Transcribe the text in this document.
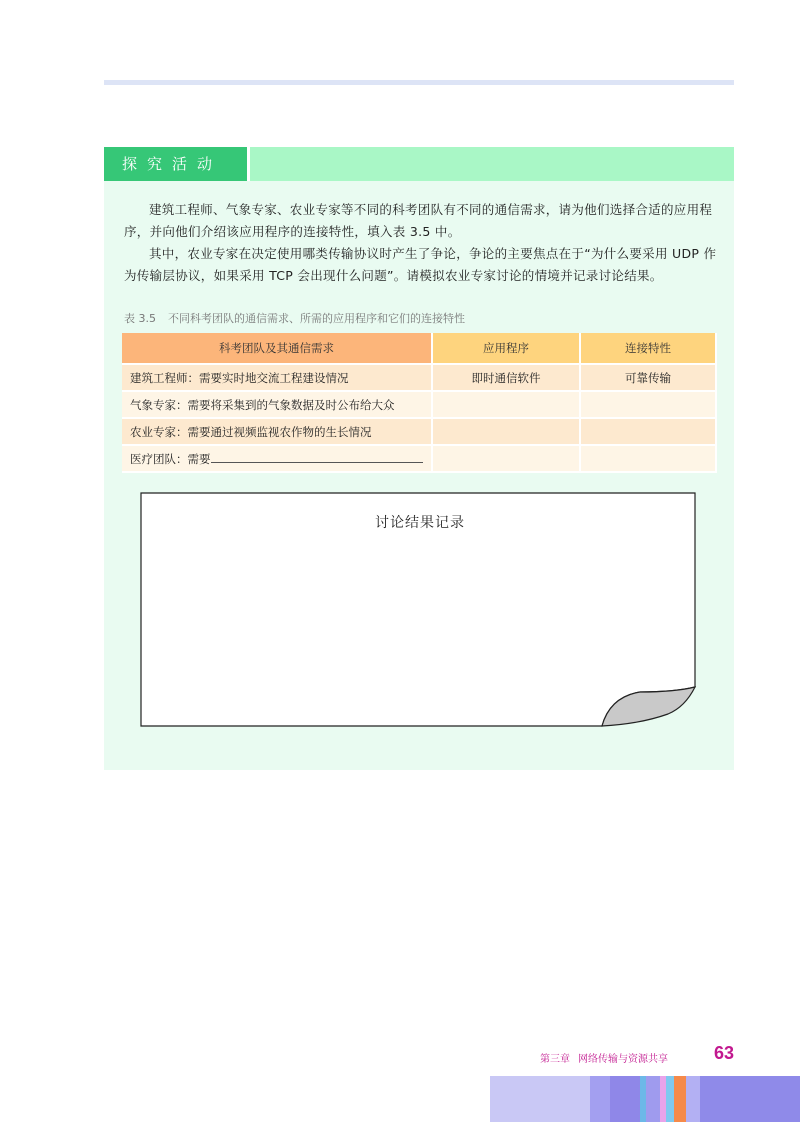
探究活动

建筑工程师、气象专家、农业专家等不同的科考团队有不同的通信需求，请为他们选择合适的应用程序，并向他们介绍该应用程序的连接特性，填入表 3.5 中。

其中，农业专家在决定使用哪类传输协议时产生了争论，争论的主要焦点在于“为什么要采用 UDP 作为传输层协议，如果采用 TCP 会出现什么问题”。请模拟农业专家讨论的情境并记录讨论结果。

表 3.5 不同科考团队的通信需求、所需的应用程序和它们的连接特性
科考团队及其通信需求	应用程序	连接特性
建筑工程师：需要实时地交流工程建设情况	即时通信软件	可靠传输
气象专家：需要将采集到的气象数据及时公布给大众		
农业专家：需要通过视频监视农作物的生长情况		
医疗团队：需要		
讨论结果记录
第三章 网络传输与资源共享	63
